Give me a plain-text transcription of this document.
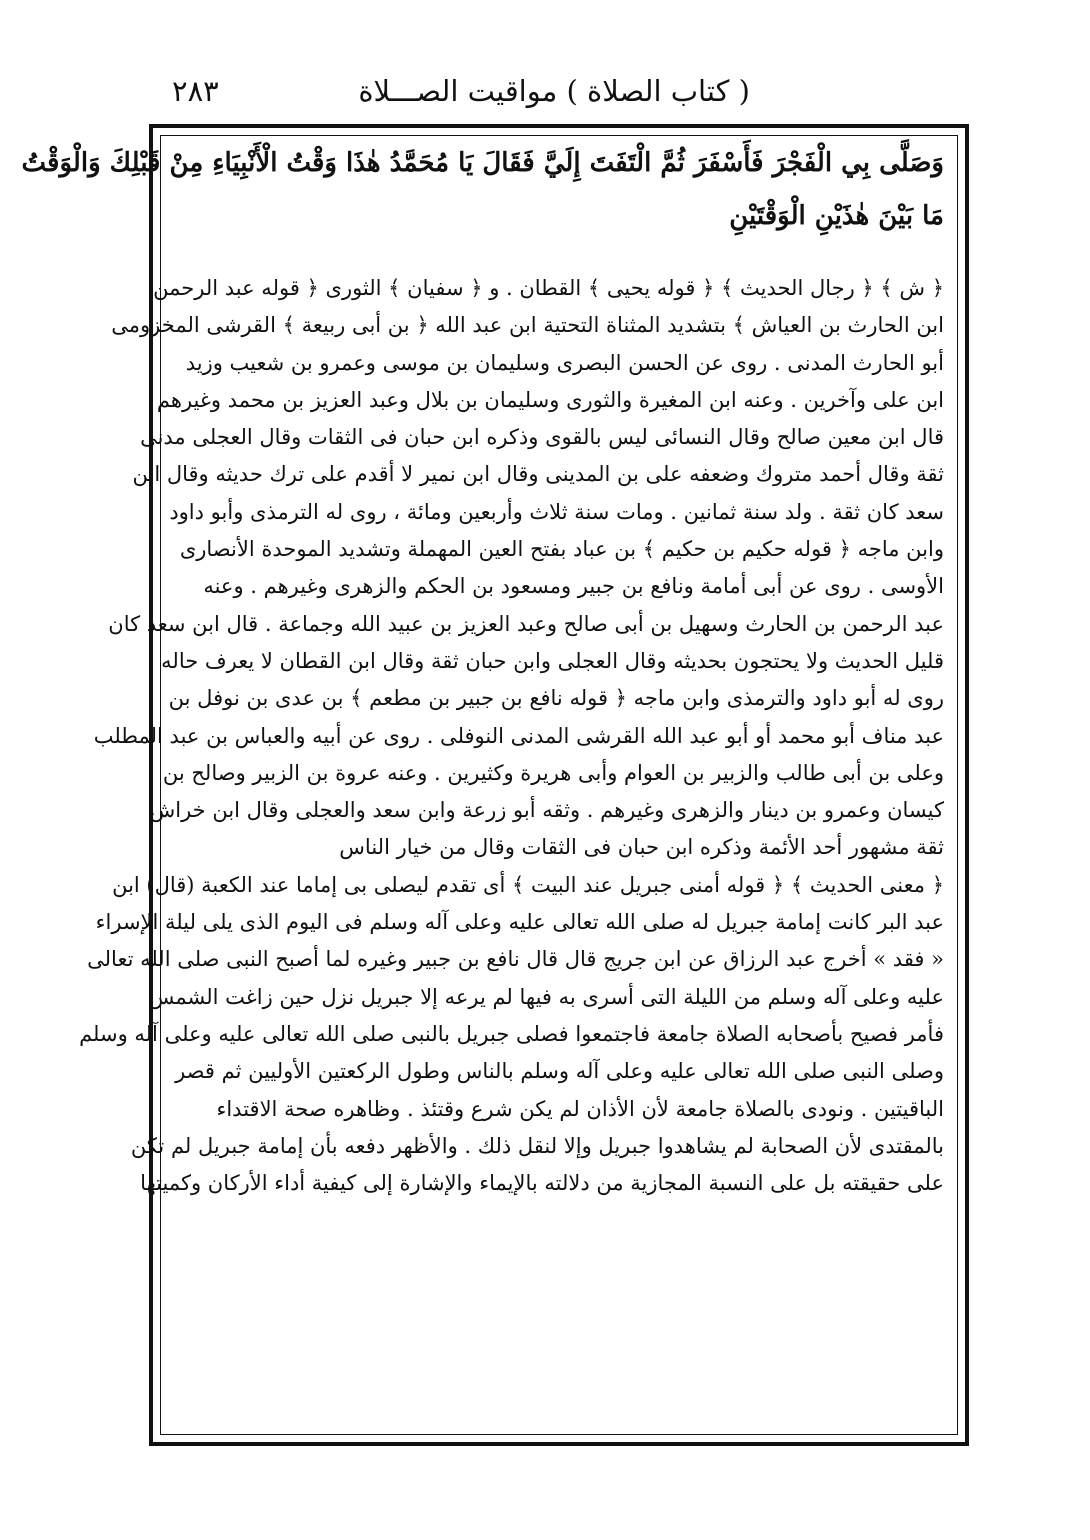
( كتاب الصلاة ) مواقيت الصـــلاة
٢٨٣
وَصَلَّى بِي الْفَجْرَ فَأَسْفَرَ ثُمَّ الْتَفَتَ إِلَيَّ فَقَالَ يَا مُحَمَّدُ هٰذَا وَقْتُ الْأَنْبِيَاءِ مِنْ قَبْلِكَ وَالْوَقْتُ
مَا بَيْنَ هٰذَيْنِ الْوَقْتَيْنِ
﴿ ش ﴾ ﴿ رجال الحديث ﴾ ﴿ قوله يحيى ﴾ القطان . و ﴿ سفيان ﴾ الثورى ﴿ قوله عبد الرحمن
ابن الحارث بن العياش ﴾ بتشديد المثناة التحتية ابن عبد الله ﴿ بن أبى ربيعة ﴾ القرشى المخزومى
أبو الحارث المدنى . روى عن الحسن البصرى وسليمان بن موسى وعمرو بن شعيب وزيد
ابن على وآخرين . وعنه ابن المغيرة والثورى وسليمان بن بلال وعبد العزيز بن محمد وغيرهم
قال ابن معين صالح وقال النسائى ليس بالقوى وذكره ابن حبان فى الثقات وقال العجلى مدنى
ثقة وقال أحمد متروك وضعفه على بن المدينى وقال ابن نمير لا أقدم على ترك حديثه وقال ابن
سعد كان ثقة . ولد سنة ثمانين . ومات سنة ثلاث وأربعين ومائة ، روى له الترمذى وأبو داود
وابن ماجه ﴿ قوله حكيم بن حكيم ﴾ بن عباد بفتح العين المهملة وتشديد الموحدة الأنصارى
الأوسى . روى عن أبى أمامة ونافع بن جبير ومسعود بن الحكم والزهرى وغيرهم . وعنه
عبد الرحمن بن الحارث وسهيل بن أبى صالح وعبد العزيز بن عبيد الله وجماعة . قال ابن سعد كان
قليل الحديث ولا يحتجون بحديثه وقال العجلى وابن حبان ثقة وقال ابن القطان لا يعرف حاله
روى له أبو داود والترمذى وابن ماجه ﴿ قوله نافع بن جبير بن مطعم ﴾ بن عدى بن نوفل بن
عبد مناف أبو محمد أو أبو عبد الله القرشى المدنى النوفلى . روى عن أبيه والعباس بن عبد المطلب
وعلى بن أبى طالب والزبير بن العوام وأبى هريرة وكثيرين . وعنه عروة بن الزبير وصالح بن
كيسان وعمرو بن دينار والزهرى وغيرهم . وثقه أبو زرعة وابن سعد والعجلى وقال ابن خراش
ثقة مشهور أحد الأئمة وذكره ابن حبان فى الثقات وقال من خيار الناس
﴿ معنى الحديث ﴾ ﴿ قوله أمنى جبريل عند البيت ﴾ أى تقدم ليصلى بى إماما عند الكعبة (قال) ابن
عبد البر كانت إمامة جبريل له صلى الله تعالى عليه وعلى آله وسلم فى اليوم الذى يلى ليلة الإسراء
« فقد » أخرج عبد الرزاق عن ابن جريج قال قال نافع بن جبير وغيره لما أصبح النبى صلى الله تعالى
عليه وعلى آله وسلم من الليلة التى أسرى به فيها لم يرعه إلا جبريل نزل حين زاغت الشمس
فأمر فصيح بأصحابه الصلاة جامعة فاجتمعوا فصلى جبريل بالنبى صلى الله تعالى عليه وعلى آله وسلم
وصلى النبى صلى الله تعالى عليه وعلى آله وسلم بالناس وطول الركعتين الأوليين ثم قصر
الباقيتين . ونودى بالصلاة جامعة لأن الأذان لم يكن شرع وقتئذ . وظاهره صحة الاقتداء
بالمقتدى لأن الصحابة لم يشاهدوا جبريل وإلا لنقل ذلك . والأظهر دفعه بأن إمامة جبريل لم تكن
على حقيقته بل على النسبة المجازية من دلالته بالإيماء والإشارة إلى كيفية أداء الأركان وكميتها
